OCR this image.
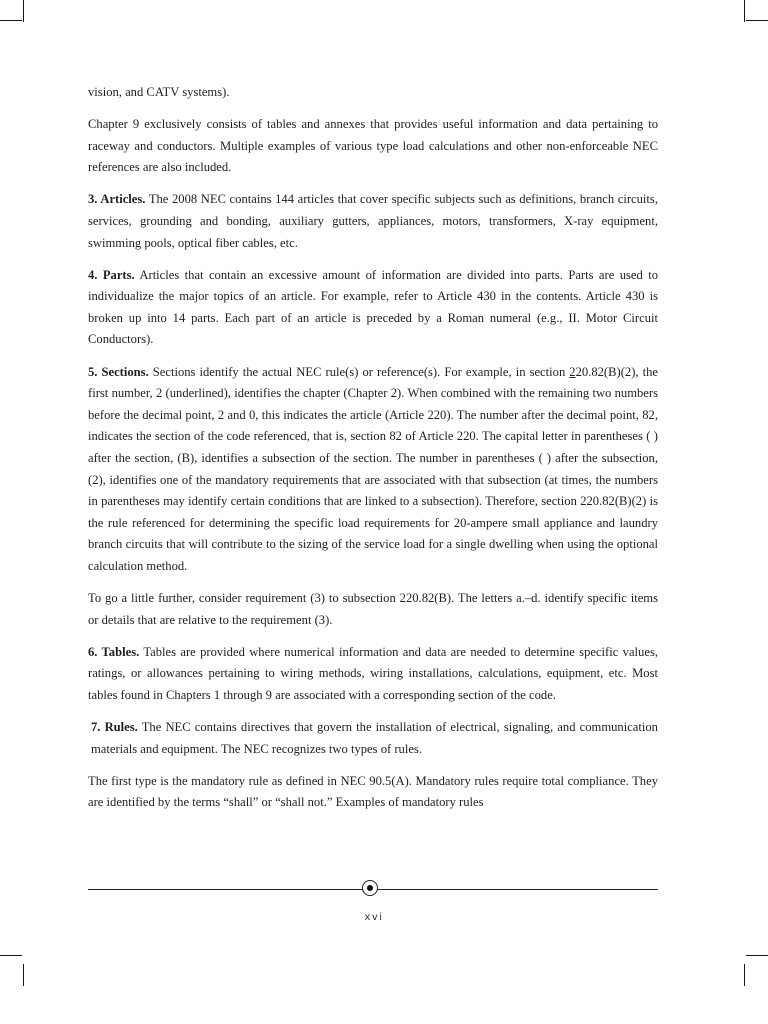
vision, and CATV systems).

Chapter 9 exclusively consists of tables and annexes that provides useful information and data pertaining to raceway and conductors. Multiple examples of various type load calculations and other non-enforceable NEC references are also included.

3. Articles. The 2008 NEC contains 144 articles that cover specific subjects such as definitions, branch circuits, services, grounding and bonding, auxiliary gutters, appliances, motors, transformers, X-ray equipment, swimming pools, optical fiber cables, etc.

4. Parts. Articles that contain an excessive amount of information are divided into parts. Parts are used to individualize the major topics of an article. For example, refer to Article 430 in the contents. Article 430 is broken up into 14 parts. Each part of an article is preceded by a Roman numeral (e.g., II. Motor Circuit Conductors).

5. Sections. Sections identify the actual NEC rule(s) or reference(s). For example, in section 220.82(B)(2), the first number, 2 (underlined), identifies the chapter (Chapter 2). When combined with the remaining two numbers before the decimal point, 2 and 0, this indicates the article (Article 220). The number after the decimal point, 82, indicates the section of the code referenced, that is, section 82 of Article 220. The capital letter in parentheses ( ) after the section, (B), identifies a subsection of the section. The number in parentheses ( ) after the subsection, (2), identifies one of the mandatory requirements that are associated with that subsection (at times, the numbers in parentheses may identify certain conditions that are linked to a subsection). Therefore, section 220.82(B)(2) is the rule referenced for determining the specific load requirements for 20-ampere small appliance and laundry branch circuits that will contribute to the sizing of the service load for a single dwelling when using the optional calculation method.

To go a little further, consider requirement (3) to subsection 220.82(B). The letters a.–d. identify specific items or details that are relative to the requirement (3).

6. Tables. Tables are provided where numerical information and data are needed to determine specific values, ratings, or allowances pertaining to wiring methods, wiring installations, calculations, equipment, etc. Most tables found in Chapters 1 through 9 are associated with a corresponding section of the code.

7. Rules. The NEC contains directives that govern the installation of electrical, signaling, and communication materials and equipment. The NEC recognizes two types of rules.

The first type is the mandatory rule as defined in NEC 90.5(A). Mandatory rules require total compliance. They are identified by the terms “shall” or “shall not.” Examples of mandatory rules

xvi
